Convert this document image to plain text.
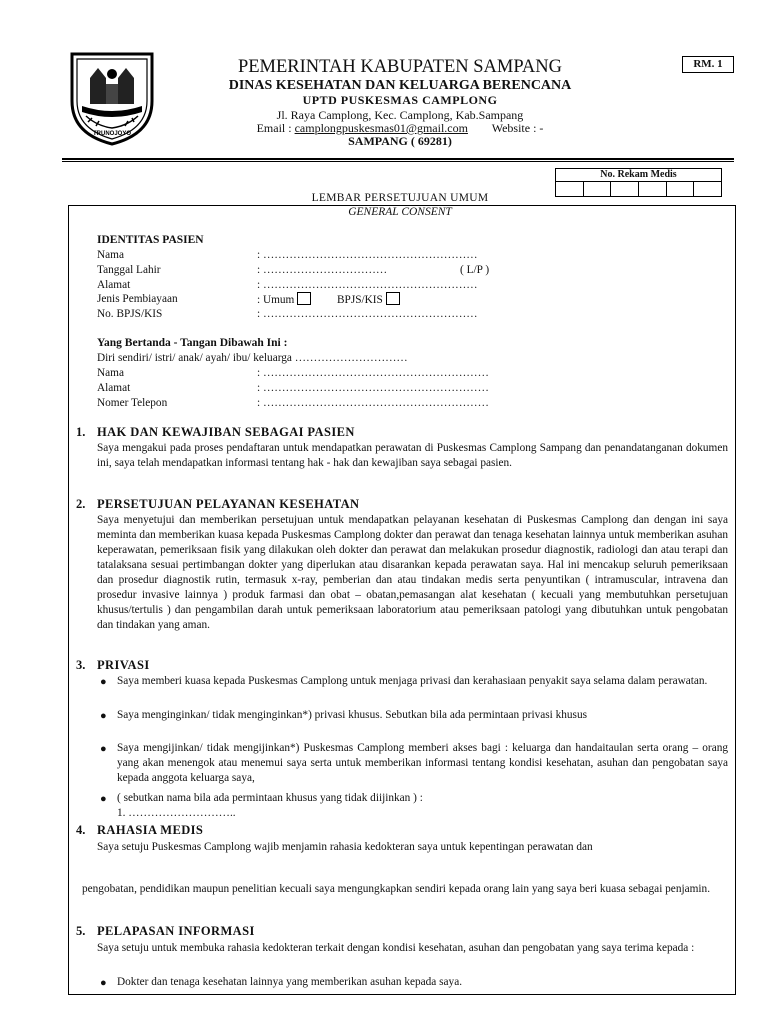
TRUNOJOYO
PEMERINTAH KABUPATEN SAMPANG
DINAS KESEHATAN DAN KELUARGA BERENCANA
UPTD PUSKESMAS CAMPLONG
Jl. Raya Camplong, Kec. Camplong, Kab.Sampang
Email : camplongpuskesmas01@gmail.com Website : -
SAMPANG ( 69281)
RM. 1
No. Rekam Medis
LEMBAR PERSETUJUAN UMUM
GENERAL CONSENT
IDENTITAS PASIEN
Nama	: …………………………………………………
Tanggal Lahir	: ……………………………	( L/P )
Alamat	: …………………………………………………
Jenis Pembiayaan	: Umum	BPJS/KIS
No. BPJS/KIS	: …………………………………………………
Yang Bertanda - Tangan Dibawah Ini :
Diri sendiri/ istri/ anak/ ayah/ ibu/ keluarga …………………………
Nama	: ……………………………………………………
Alamat	: ……………………………………………………
Nomer Telepon	: ……………………………………………………
1. HAK DAN KEWAJIBAN SEBAGAI PASIEN
Saya mengakui pada proses pendaftaran untuk mendapatkan perawatan di Puskesmas Camplong Sampang dan penandatanganan dokumen ini, saya telah mendapatkan informasi tentang hak - hak dan kewajiban saya sebagai pasien.
2. PERSETUJUAN PELAYANAN KESEHATAN
Saya menyetujui dan memberikan persetujuan untuk mendapatkan pelayanan kesehatan di Puskesmas Camplong dan dengan ini saya meminta dan memberikan kuasa kepada Puskesmas Camplong dokter dan perawat dan tenaga kesehatan lainnya untuk memberikan asuhan keperawatan, pemeriksaan fisik yang dilakukan oleh dokter dan perawat dan melakukan prosedur diagnostik, radiologi dan atau terapi dan tatalaksana sesuai pertimbangan dokter yang diperlukan atau disarankan kepada perawatan saya. Hal ini mencakup seluruh pemeriksaan dan prosedur diagnostik rutin, termasuk x-ray, pemberian dan atau tindakan medis serta penyuntikan ( intramuscular, intravena dan prosedur invasive lainnya ) produk farmasi dan obat – obatan,pemasangan alat kesehatan ( kecuali yang membutuhkan persetujuan khusus/tertulis ) dan pengambilan darah untuk pemeriksaan laboratorium atau pemeriksaan patologi yang dibutuhkan untuk pengobatan dan tindakan yang aman.
3. PRIVASI
● Saya memberi kuasa kepada Puskesmas Camplong untuk menjaga privasi dan kerahasiaan penyakit saya selama dalam perawatan.
● Saya menginginkan/ tidak menginginkan*) privasi khusus. Sebutkan bila ada permintaan privasi khusus
● Saya mengijinkan/ tidak mengijinkan*) Puskesmas Camplong memberi akses bagi : keluarga dan handaitaulan serta orang – orang yang akan menengok atau menemui saya serta untuk memberikan informasi tentang kondisi kesehatan, asuhan dan pengobatan saya kepada anggota keluarga saya,
● ( sebutkan nama bila ada permintaan khusus yang tidak diijinkan ) :
1. ………………………..
4. RAHASIA MEDIS
Saya setuju Puskesmas Camplong wajib menjamin rahasia kedokteran saya untuk kepentingan perawatan dan
pengobatan, pendidikan maupun penelitian kecuali saya mengungkapkan sendiri kepada orang lain yang saya beri kuasa sebagai penjamin.
5. PELAPASAN INFORMASI
Saya setuju untuk membuka rahasia kedokteran terkait dengan kondisi kesehatan, asuhan dan pengobatan yang saya terima kepada :
● Dokter dan tenaga kesehatan lainnya yang memberikan asuhan kepada saya.
